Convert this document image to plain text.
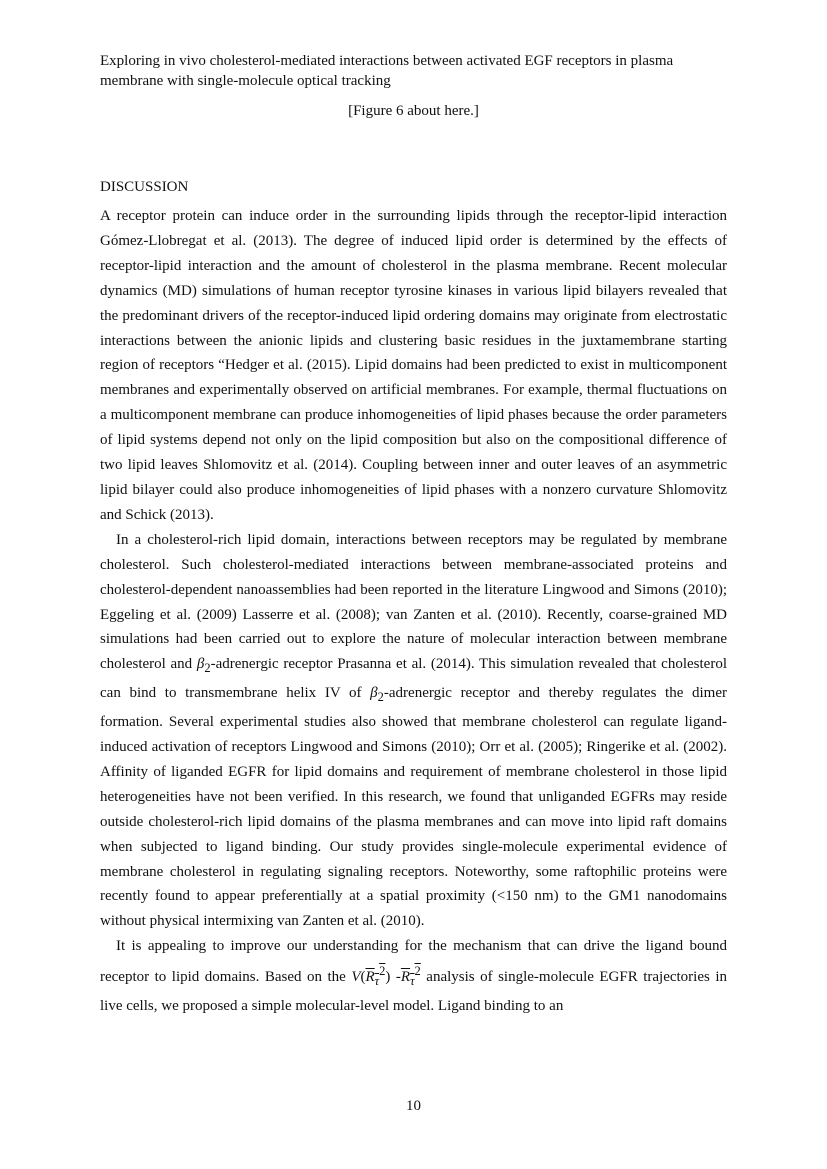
Exploring in vivo cholesterol-mediated interactions between activated EGF receptors in plasma membrane with single-molecule optical tracking
[Figure 6 about here.]
DISCUSSION

A receptor protein can induce order in the surrounding lipids through the receptor-lipid interaction Gómez-Llobregat et al. (2013). The degree of induced lipid order is determined by the effects of receptor-lipid interaction and the amount of cholesterol in the plasma membrane. Recent molecular dynamics (MD) simulations of human receptor tyrosine kinases in various lipid bilayers revealed that the predominant drivers of the receptor-induced lipid ordering domains may originate from electrostatic interactions between the anionic lipids and clustering basic residues in the juxtamembrane starting region of receptors “Hedger et al. (2015). Lipid domains had been predicted to exist in multicomponent membranes and experimentally observed on artificial membranes. For example, thermal fluctuations on a multicomponent membrane can produce inhomogeneities of lipid phases because the order parameters of lipid systems depend not only on the lipid composition but also on the compositional difference of two lipid leaves Shlomovitz et al. (2014). Coupling between inner and outer leaves of an asymmetric lipid bilayer could also produce inhomogeneities of lipid phases with a nonzero curvature Shlomovitz and Schick (2013).

In a cholesterol-rich lipid domain, interactions between receptors may be regulated by membrane cholesterol. Such cholesterol-mediated interactions between membrane-associated proteins and cholesterol-dependent nanoassemblies had been reported in the literature Lingwood and Simons (2010); Eggeling et al. (2009) Lasserre et al. (2008); van Zanten et al. (2010). Recently, coarse-grained MD simulations had been carried out to explore the nature of molecular interaction between membrane cholesterol and $\beta_2$-adrenergic receptor Prasanna et al. (2014). This simulation revealed that cholesterol can bind to transmembrane helix IV of $\beta_2$-adrenergic receptor and thereby regulates the dimer formation. Several experimental studies also showed that membrane cholesterol can regulate ligand-induced activation of receptors Lingwood and Simons (2010); Orr et al. (2005); Ringerike et al. (2002). Affinity of liganded EGFR for lipid domains and requirement of membrane cholesterol in those lipid heterogeneities have not been verified. In this research, we found that unliganded EGFRs may reside outside cholesterol-rich lipid domains of the plasma membranes and can move into lipid raft domains when subjected to ligand binding. Our study provides single-molecule experimental evidence of membrane cholesterol in regulating signaling receptors. Noteworthy, some raftophilic proteins were recently found to appear preferentially at a spatial proximity (<150 nm) to the GM1 nanodomains without physical intermixing van Zanten et al. (2010).

It is appealing to improve our understanding for the mechanism that can drive the ligand bound receptor to lipid domains. Based on the $V(R_\tau^2)$ $-R_\tau^2$ analysis of single-molecule EGFR trajectories in live cells, we proposed a simple molecular-level model. Ligand binding to an

10
